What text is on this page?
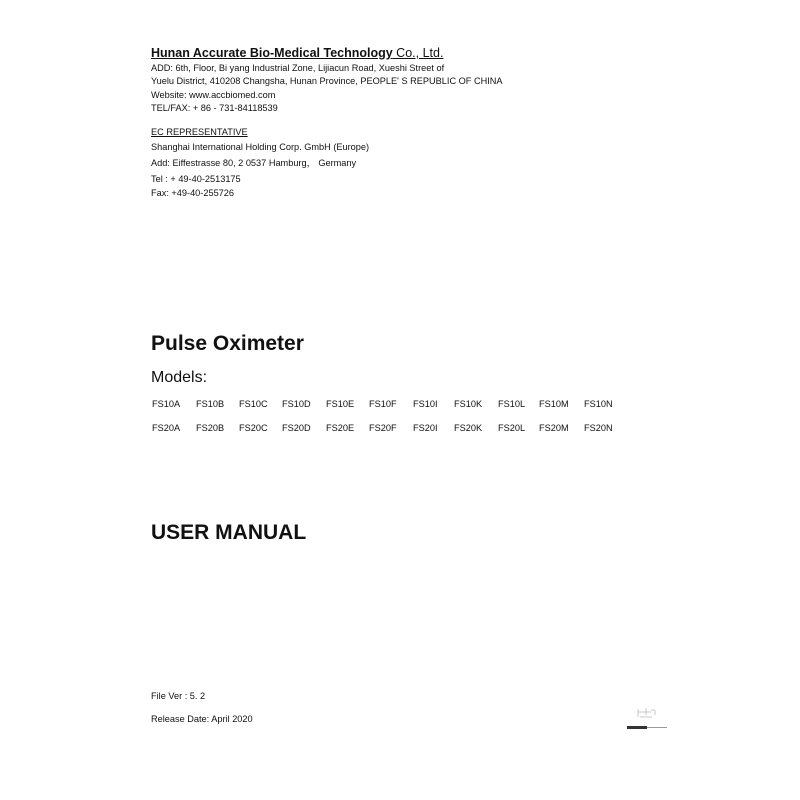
Hunan Accurate Bio-Medical Technology Co., Ltd.
ADD: 6th, Floor, Bi yang Industrial Zone, Lijiacun Road, Xueshi Street of
Yuelu District, 410208 Changsha, Hunan Province, PEOPLE' S REPUBLIC OF CHINA
Website: www.accbiomed.com
TEL/FAX: + 86 - 731-84118539
EC REPRESENTATIVE
Shanghai International Holding Corp. GmbH (Europe)
Add: Eiffestrasse 80, 2 0537 Hamburg， Germany
Tel : + 49-40-2513175
Fax: +49-40-255726
Pulse Oximeter
Models:
FS10A FS10B FS10C FS10D FS10E FS10F FS10I FS10K FS10L FS10M FS10N
FS20A FS20B FS20C FS20D FS20E FS20F FS20I FS20K FS20L FS20M FS20N
USER MANUAL
File Ver : 5. 2
Release Date: April 2020
